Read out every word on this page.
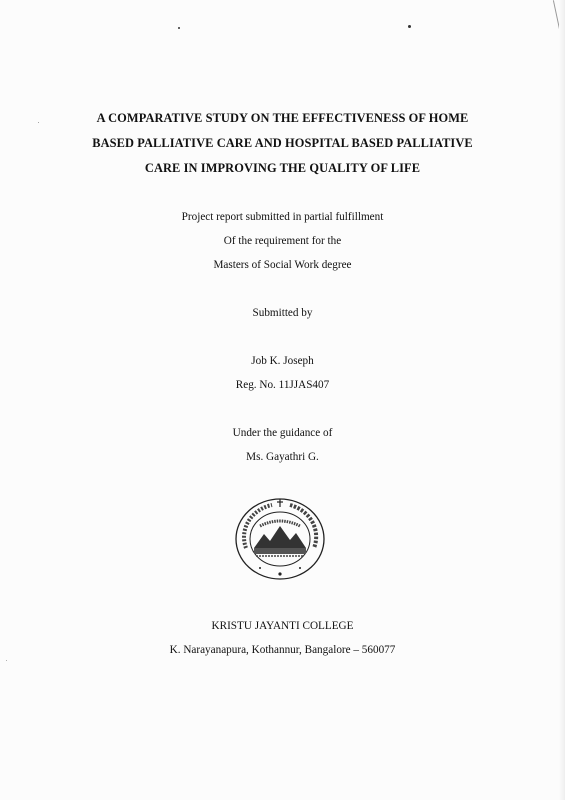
A COMPARATIVE STUDY ON THE EFFECTIVENESS OF HOME
BASED PALLIATIVE CARE AND HOSPITAL BASED PALLIATIVE
CARE IN IMPROVING THE QUALITY OF LIFE
Project report submitted in partial fulfillment
Of the requirement for the
Masters of Social Work degree
Submitted by
Job K. Joseph
Reg. No. 11JJAS407
Under the guidance of
Ms. Gayathri G.
KRISTU JAYANTI COLLEGE
K. Narayanapura, Kothannur, Bangalore – 560077
